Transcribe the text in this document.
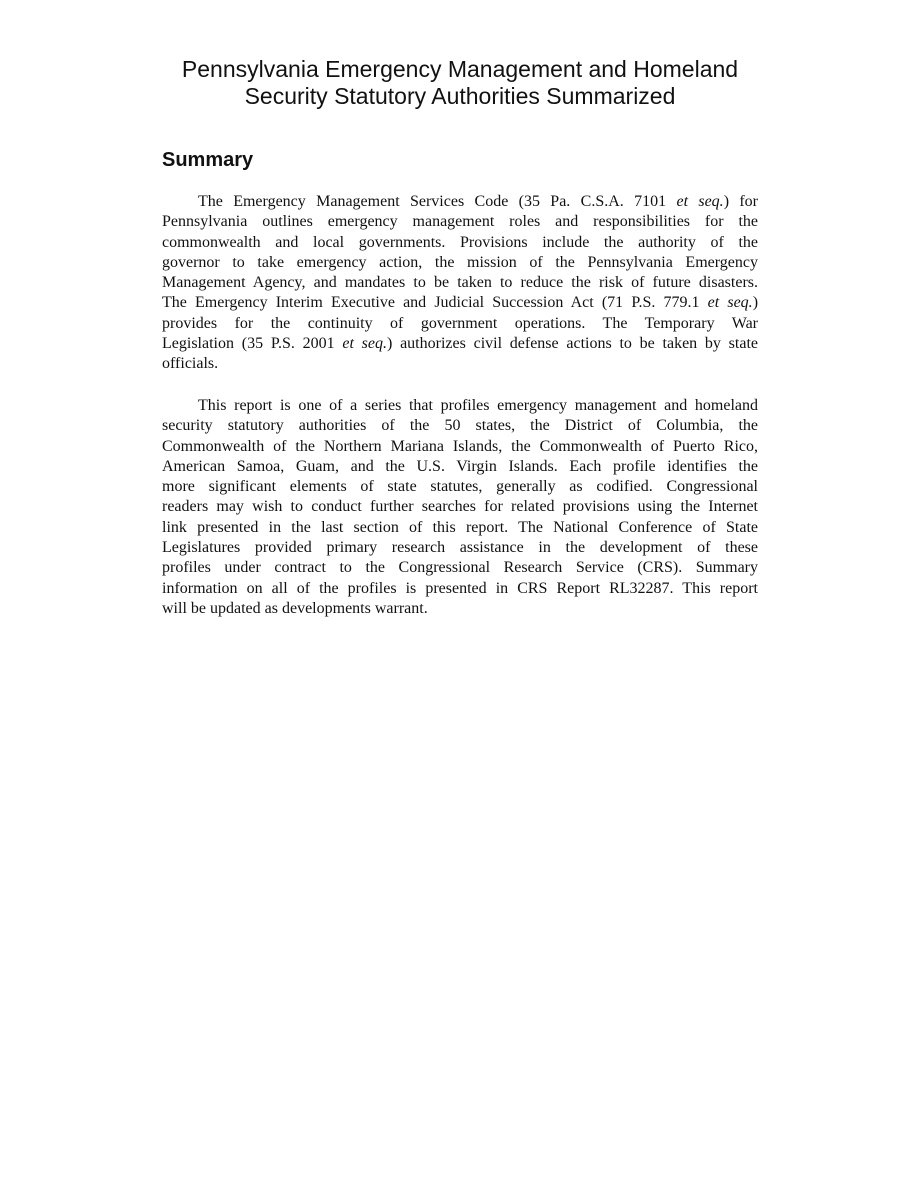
Pennsylvania Emergency Management and Homeland
Security Statutory Authorities Summarized
Summary

The Emergency Management Services Code (35 Pa. C.S.A. 7101 et seq.) for
Pennsylvania outlines emergency management roles and responsibilities for the
commonwealth and local governments. Provisions include the authority of the
governor to take emergency action, the mission of the Pennsylvania Emergency
Management Agency, and mandates to be taken to reduce the risk of future disasters.
The Emergency Interim Executive and Judicial Succession Act (71 P.S. 779.1 et seq.)
provides for the continuity of government operations. The Temporary War
Legislation (35 P.S. 2001 et seq.) authorizes civil defense actions to be taken by state
officials.

This report is one of a series that profiles emergency management and homeland
security statutory authorities of the 50 states, the District of Columbia, the
Commonwealth of the Northern Mariana Islands, the Commonwealth of Puerto Rico,
American Samoa, Guam, and the U.S. Virgin Islands. Each profile identifies the
more significant elements of state statutes, generally as codified. Congressional
readers may wish to conduct further searches for related provisions using the Internet
link presented in the last section of this report. The National Conference of State
Legislatures provided primary research assistance in the development of these
profiles under contract to the Congressional Research Service (CRS). Summary
information on all of the profiles is presented in CRS Report RL32287. This report
will be updated as developments warrant.
